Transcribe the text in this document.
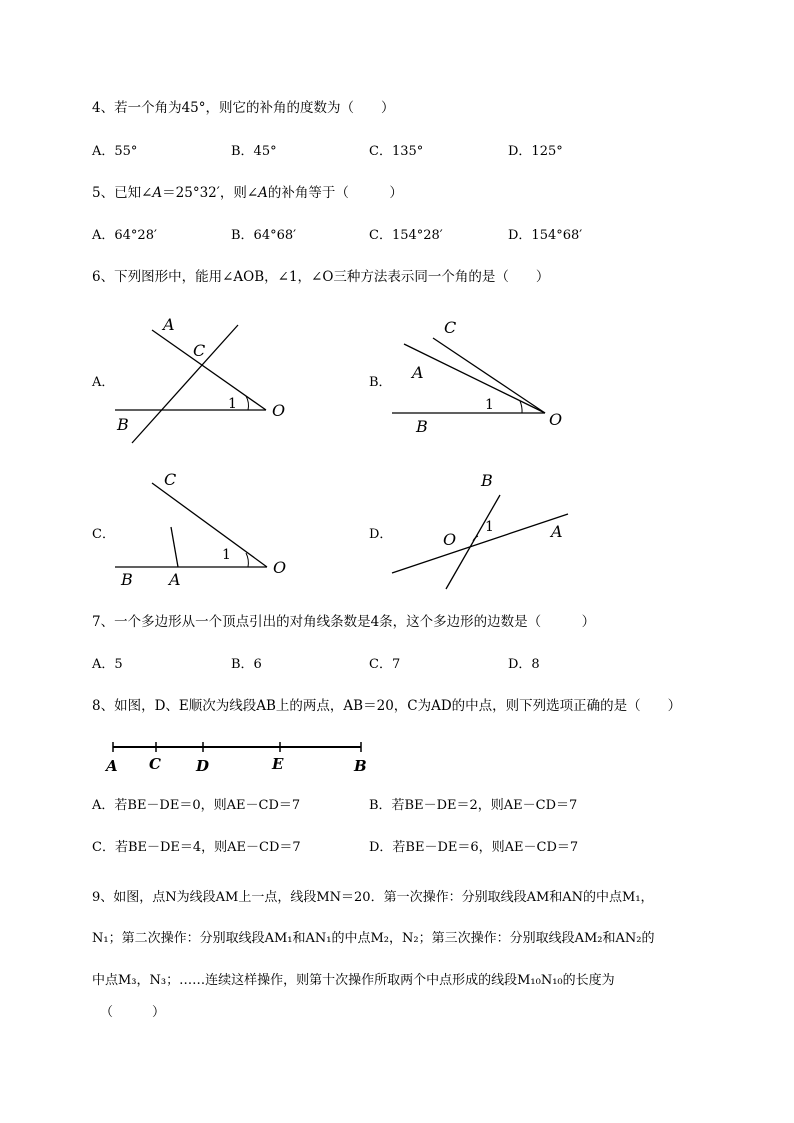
4、若一个角为45°，则它的补角的度数为（　　）
A．55°	B．45°	C．135°	D．125°
5、已知∠A＝25°32′，则∠A的补角等于（　　　）
A．64°28′	B．64°68′	C．154°28′	D．154°68′
6、下列图形中，能用∠AOB，∠1，∠O三种方法表示同一个角的是（　　）
A．	B．
C．	D．
A
C
B
O
1
C
A
B	O
1
C
B A
O
1
B
A
O
1
A C D	E	B
7、一个多边形从一个顶点引出的对角线条数是4条，这个多边形的边数是（　　　）
A．5	B．6	C．7	D．8
8、如图，D、E顺次为线段AB上的两点，AB＝20，C为AD的中点，则下列选项正确的是（　　）
A．若BE－DE＝0，则AE－CD＝7	B．若BE－DE＝2，则AE－CD＝7
C．若BE－DE＝4，则AE－CD＝7	D．若BE－DE＝6，则AE－CD＝7
9、如图，点N为线段AM上一点，线段MN＝20．第一次操作：分别取线段AM和AN的中点M₁，
N₁；第二次操作：分别取线段AM₁和AN₁的中点M₂，N₂；第三次操作：分别取线段AM₂和AN₂的
中点M₃，N₃；……连续这样操作，则第十次操作所取两个中点形成的线段M₁₀N₁₀的长度为
（　　　）
